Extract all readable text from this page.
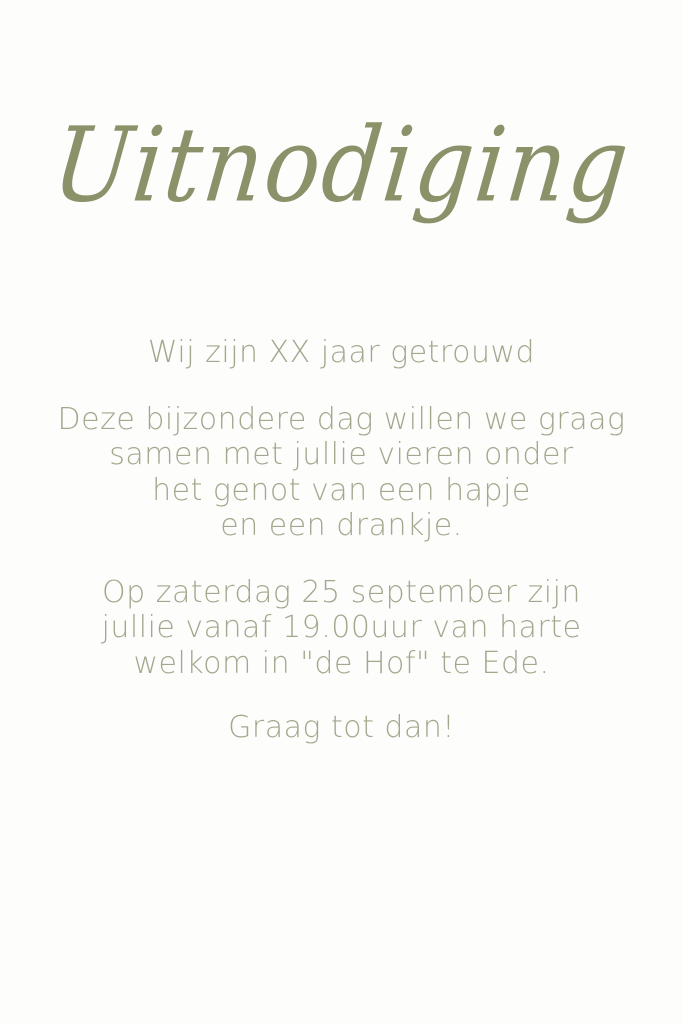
Uitnodiging

Wij zijn XX jaar getrouwd

Deze bijzondere dag willen we graag
samen met jullie vieren onder
het genot van een hapje
en een drankje.

Op zaterdag 25 september zijn
jullie vanaf 19.00uur van harte
welkom in "de Hof" te Ede.

Graag tot dan!
